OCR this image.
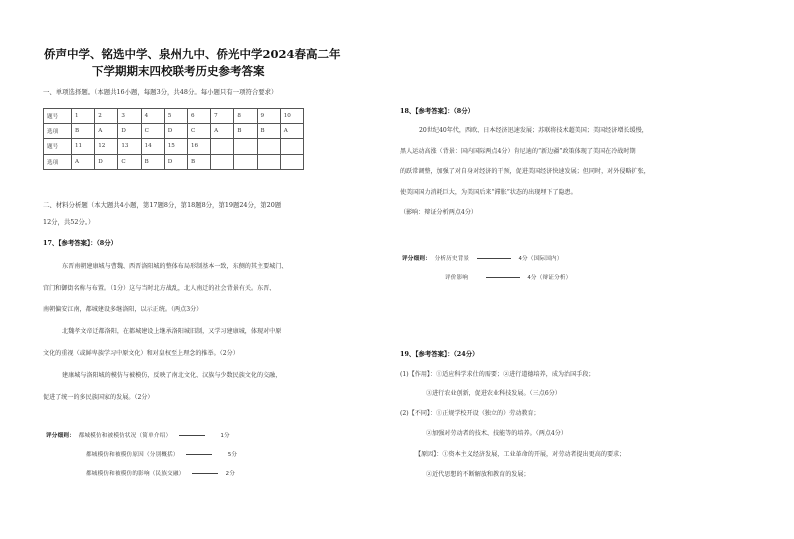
侨声中学、铭选中学、泉州九中、侨光中学2024春高二年
下学期期末四校联考历史参考答案
一、单项选择题。（本题共16小题，每题3分，共48分。每小题只有一项符合要求）
题号	1	2	3	4	5	6	7	8	9	10
选项	B	A	D	C	D	C	A	B	B	A
题号	11	12	13	14	15	16				
选项	A	D	C	B	D	B				
二、材料分析题（本大题共4小题，第17题8分，第18题8分，第19题24分，第20题
12分，共52分。）
17、【参考答案】：（8分）
东晋南朝建康城与曹魏、西晋洛阳城的整体布局形制基本一致，东侧的其主要城门、
宫门和御街名称与布置。（1分）这与当时北方战乱，北人南迁的社会背景有关。东晋、
南朝偏安江南，都城建设多继洛阳，以示正统。（两点3分）
北魏孝文帝迁都洛阳，在都城建设上继承洛阳城旧制，又学习建康城，体现对中原
文化的重视（或鲜卑族学习中原文化）和对皇权至上理念的推举。（2分）
建康城与洛阳城的模仿与被模仿，反映了南北文化、汉族与少数民族文化的交融，
促进了统一的多民族国家的发展。（2分）
评分细则： 都城模仿和被模仿状况（简单介绍）	1分
都城模仿和被模仿原因（分别概括）	5分
都城模仿和被模仿的影响（民族交融）	2分
18、【参考答案】：（8分）
20世纪40年代，西欧、日本经济迅速发展；苏联将技术超美国；美国经济增长缓慢，
黑人运动高涨（背景：国内国际两点4分）肯尼迪的“新边疆”政策体现了美国在冷战时期
的跃常调整，加强了对自身对经济的干预，促进美国经济快速发展；但同时，对外侵略扩张，
使美国国力消耗巨大，为美国后来“滞胀”状态的出现埋下了隐患。
（影响：辩证分析两点4分）
评分细则： 分析历史背景	4分（国际国内）
评价影响	4分（辩证分析）
19、【参考答案】：（24分）
(1)【作用】：①适应科学求仕的需要；②进行道德培养，成为治国手段；
③进行农业创新，促进农业科技发展。（三点6分）
(2)【不同】：①正规学校开设（独立的）劳动教育；
②加强对劳动者的技术、技能等的培养。（两点4分）
【原因】：①资本主义经济发展，工业革命的开展，对劳动者提出更高的要求；
②近代思想的不断解放和教育的发展；
